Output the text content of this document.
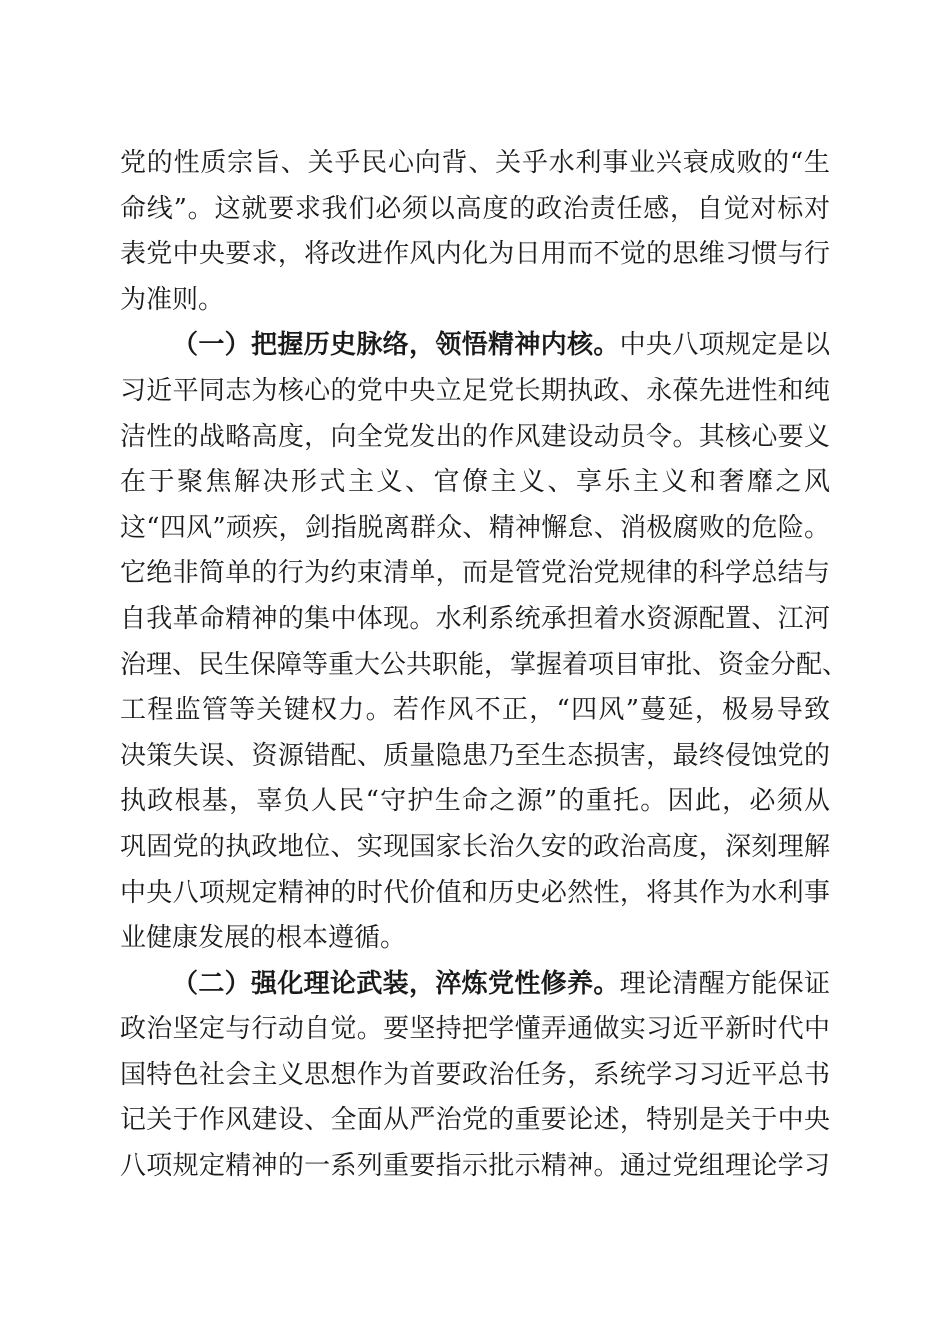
党的性质宗旨、关乎民心向背、关乎水利事业兴衰成败的“生
命线”。这就要求我们必须以高度的政治责任感，自觉对标对
表党中央要求，将改进作风内化为日用而不觉的思维习惯与行
为准则。
（一）把握历史脉络，领悟精神内核。中央八项规定是以
习近平同志为核心的党中央立足党长期执政、永葆先进性和纯
洁性的战略高度，向全党发出的作风建设动员令。其核心要义
在于聚焦解决形式主义、官僚主义、享乐主义和奢靡之风
这“四风”顽疾，剑指脱离群众、精神懈怠、消极腐败的危险。
它绝非简单的行为约束清单，而是管党治党规律的科学总结与
自我革命精神的集中体现。水利系统承担着水资源配置、江河
治理、民生保障等重大公共职能，掌握着项目审批、资金分配、
工程监管等关键权力。若作风不正，“四风”蔓延，极易导致
决策失误、资源错配、质量隐患乃至生态损害，最终侵蚀党的
执政根基，辜负人民“守护生命之源”的重托。因此，必须从
巩固党的执政地位、实现国家长治久安的政治高度，深刻理解
中央八项规定精神的时代价值和历史必然性，将其作为水利事
业健康发展的根本遵循。
（二）强化理论武装，淬炼党性修养。理论清醒方能保证
政治坚定与行动自觉。要坚持把学懂弄通做实习近平新时代中
国特色社会主义思想作为首要政治任务，系统学习习近平总书
记关于作风建设、全面从严治党的重要论述，特别是关于中央
八项规定精神的一系列重要指示批示精神。通过党组理论学习
